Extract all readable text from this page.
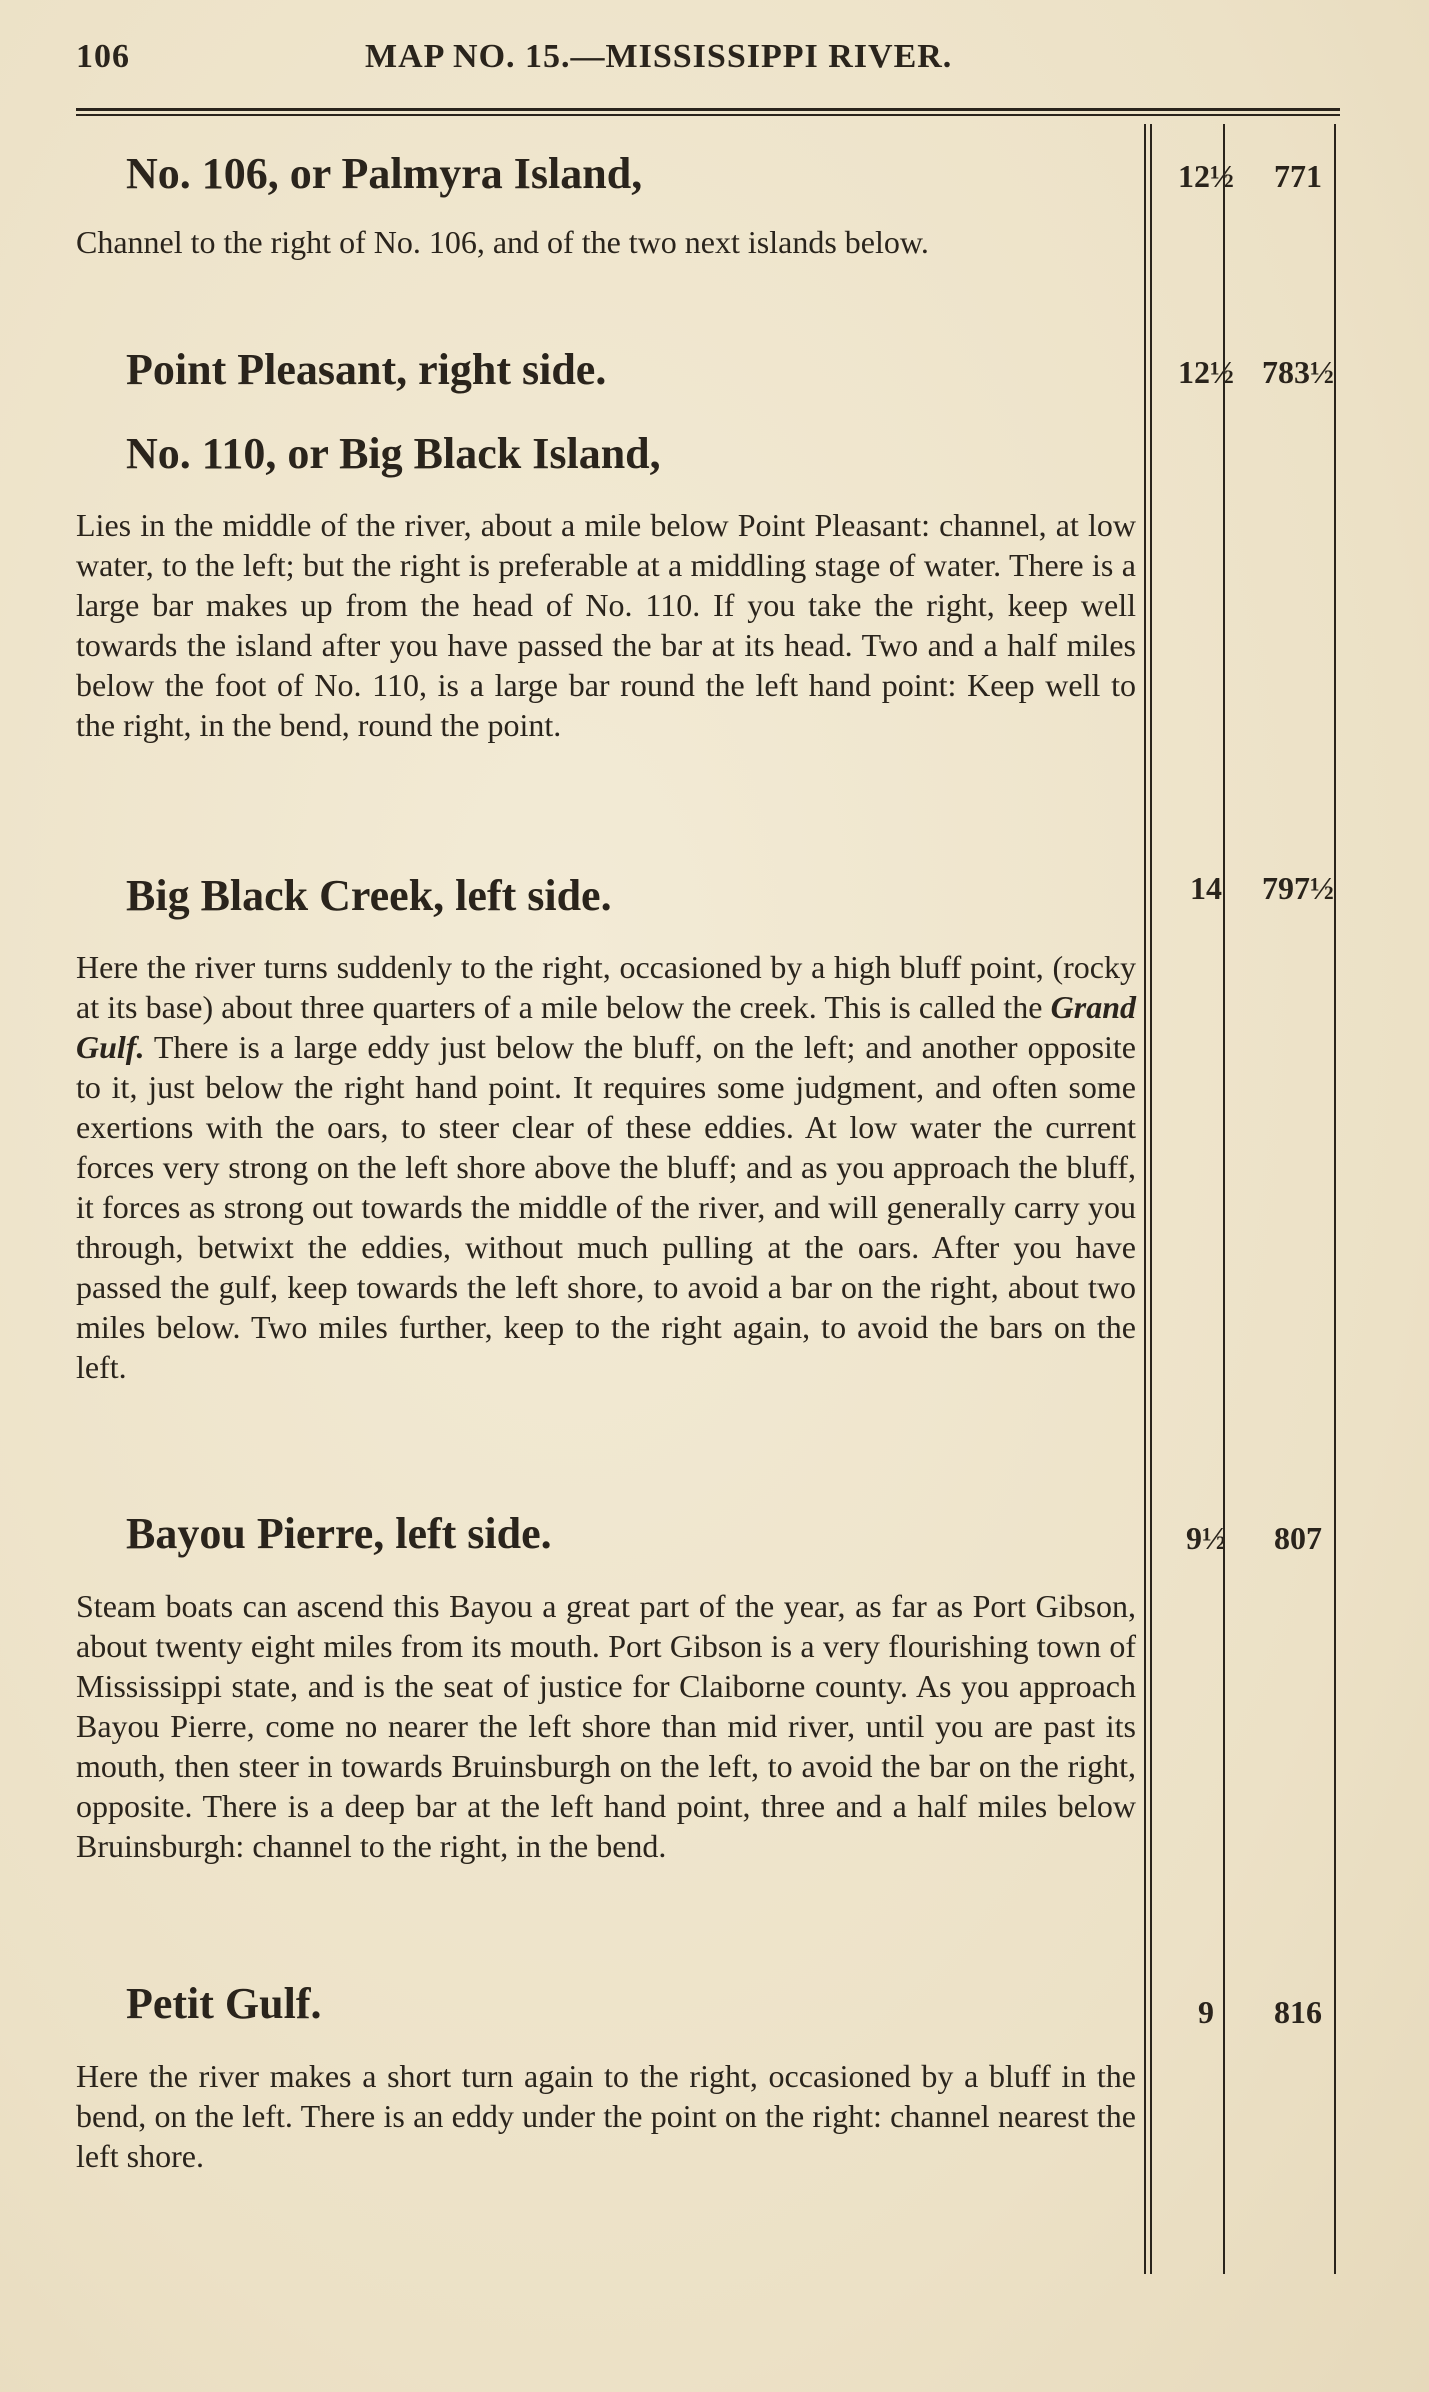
106	MAP NO. 15.—MISSISSIPPI RIVER.
No. 106, or Palmyra Island,	12½	771

Channel to the right of No. 106, and of the two next islands below.

Point Pleasant, right side.	12½ 783½
No. 110, or Big Black Island,

Lies in the middle of the river, about a mile below Point Pleasant: channel, at low water, to the left; but the right is preferable at a middling stage of water. There is a large bar makes up from the head of No. 110. If you take the right, keep well towards the island after you have passed the bar at its head. Two and a half miles below the foot of No. 110, is a large bar round the left hand point: Keep well to the right, in the bend, round the point.

Big Black Creek, left side.	14	797½

Here the river turns suddenly to the right, occasioned by a high bluff point, (rocky at its base) about three quarters of a mile below the creek. This is called the Grand Gulf. There is a large eddy just below the bluff, on the left; and another opposite to it, just below the right hand point. It requires some judgment, and often some exertions with the oars, to steer clear of these eddies. At low water the current forces very strong on the left shore above the bluff; and as you approach the bluff, it forces as strong out towards the middle of the river, and will generally carry you through, betwixt the eddies, without much pulling at the oars. After you have passed the gulf, keep towards the left shore, to avoid a bar on the right, about two miles below. Two miles further, keep to the right again, to avoid the bars on the left.

Bayou Pierre, left side.	9½	807

Steam boats can ascend this Bayou a great part of the year, as far as Port Gibson, about twenty eight miles from its mouth. Port Gibson is a very flourishing town of Mississippi state, and is the seat of justice for Claiborne county. As you approach Bayou Pierre, come no nearer the left shore than mid river, until you are past its mouth, then steer in towards Bruinsburgh on the left, to avoid the bar on the right, opposite. There is a deep bar at the left hand point, three and a half miles below Bruinsburgh: channel to the right, in the bend.

Petit Gulf.	9	816

Here the river makes a short turn again to the right, occasioned by a bluff in the bend, on the left. There is an eddy under the point on the right: channel nearest the left shore.
